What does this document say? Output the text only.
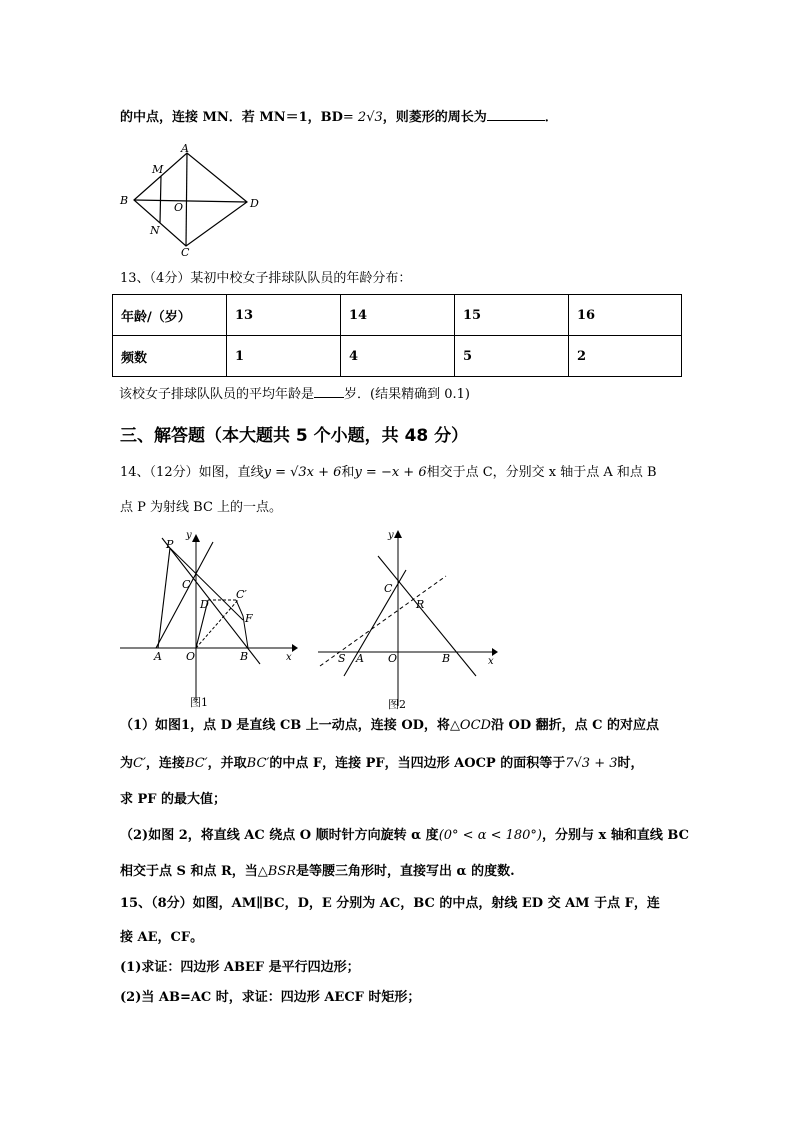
的中点，连接 MN．若 MN＝1，BD= 2√3，则菱形的周长为	．
A
B	D
C
M
N
O
13、（4分）某初中校女子排球队队员的年龄分布：
年龄/（岁）	13	14	15	16
频数	1	4	5	2
该校女子排球队队员的平均年龄是 岁．(结果精确到 0.1)
三、解答题（本大题共 5 个小题，共 48 分）
14、（12分）如图，直线y = √3x + 6和y = −x + 6相交于点 C，分别交 x 轴于点 A 和点 B
点 P 为射线 BC 上的一点。
P
C
D
C′
F
A O	B	x
y
图1
C
R
S A O	B	x
y
图2
（1）如图1，点 D 是直线 CB 上一动点，连接 OD，将△OCD沿 OD 翻折，点 C 的对应点
为C′，连接BC′，并取BC′的中点 F，连接 PF，当四边形 AOCP 的面积等于7√3 + 3时，
求 PF 的最大值；
（2)如图 2，将直线 AC 绕点 O 顺时针方向旋转 α 度(0° < α < 180°)，分别与 x 轴和直线 BC
相交于点 S 和点 R，当△BSR是等腰三角形时，直接写出 α 的度数.
15、（8分）如图，AM∥BC，D，E 分别为 AC，BC 的中点，射线 ED 交 AM 于点 F，连
接 AE，CF。
(1)求证：四边形 ABEF 是平行四边形；
(2)当 AB=AC 时，求证：四边形 AECF 时矩形；
